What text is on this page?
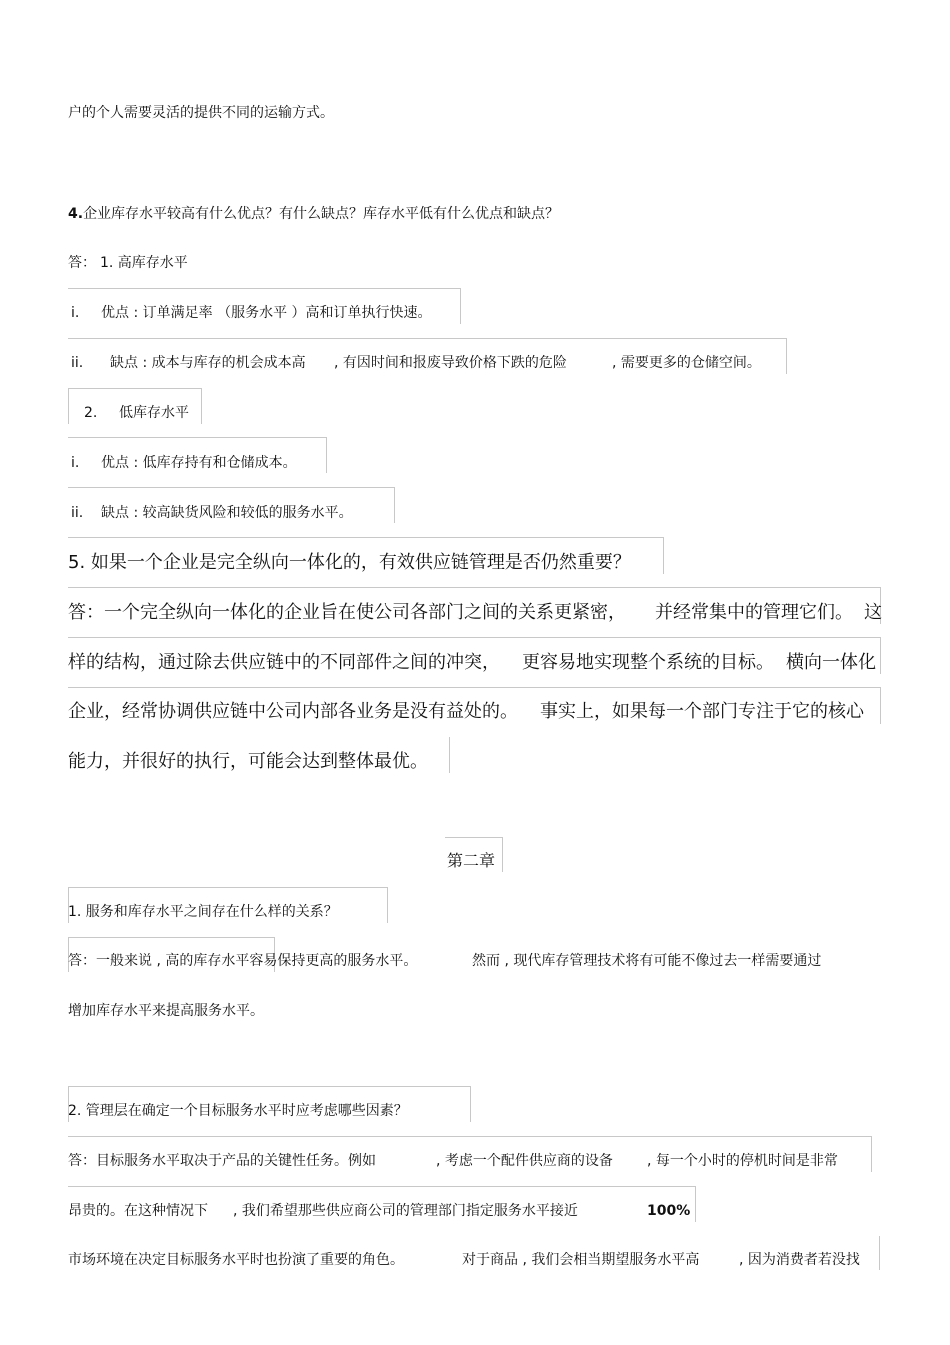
户的个人需要灵活的提供不同的运输方式。
4.企业库存水平较高有什么优点？有什么缺点？库存水平低有什么优点和缺点？
答： 1. 高库存水平
i. 优点 : 订单满足率 （服务水平 ）高和订单执行快速。
ii. 缺点 : 成本与库存的机会成本高 , 有因时间和报废导致价格下跌的危险	, 需要更多的仓储空间。
2. 低库存水平
i. 优点 : 低库存持有和仓储成本。
ii. 缺点 : 较高缺货风险和较低的服务水平。
5. 如果一个企业是完全纵向一体化的，有效供应链管理是否仍然重要？
答：一个完全纵向一体化的企业旨在使公司各部门之间的关系更紧密， 并经常集中的管理它们。 这
样的结构，通过除去供应链中的不同部件之间的冲突， 更容易地实现整个系统的目标。 横向一体化
企业，经常协调供应链中公司内部各业务是没有益处的。 事实上，如果每一个部门专注于它的核心
能力，并很好的执行，可能会达到整体最优。
第二章
1. 服务和库存水平之间存在什么样的关系？
答：一般来说 , 高的库存水平容易保持更高的服务水平。	然而 , 现代库存管理技术将有可能不像过去一样需要通过
增加库存水平来提高服务水平。
2. 管理层在确定一个目标服务水平时应考虑哪些因素？
答：目标服务水平取决于产品的关键性任务。例如	, 考虑一个配件供应商的设备 , 每一个小时的停机时间是非常
昂贵的。在这种情况下 , 我们希望那些供应商公司的管理部门指定服务水平接近	100%
市场环境在决定目标服务水平时也扮演了重要的角色。	对于商品 , 我们会相当期望服务水平高	, 因为消费者若没找
